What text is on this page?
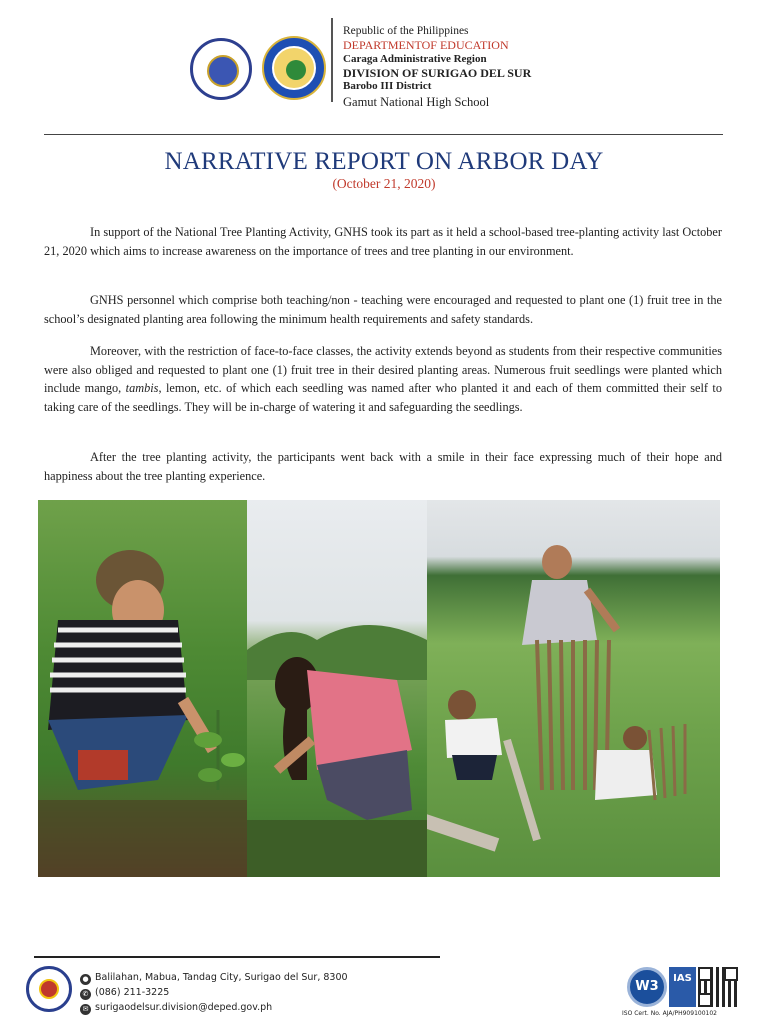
Republic of the Philippines
DEPARTMENTOF EDUCATION
Caraga Administrative Region
DIVISION OF SURIGAO DEL SUR
Barobo III District
Gamut National High School
NARRATIVE REPORT ON ARBOR DAY
(October 21, 2020)

In support of the National Tree Planting Activity, GNHS took its part as it held a school-based tree-planting activity last October 21, 2020 which aims to increase awareness on the importance of trees and tree planting in our environment.

GNHS personnel which comprise both teaching/non - teaching were encouraged and requested to plant one (1) fruit tree in the school’s designated planting area following the minimum health requirements and safety standards.

Moreover, with the restriction of face-to-face classes, the activity extends beyond as students from their respective communities were also obliged and requested to plant one (1) fruit tree in their desired planting areas. Numerous fruit seedlings were planted which include mango, tambis, lemon, etc. of which each seedling was named after who planted it and each of them committed their self to taking care of the seedlings. They will be in-charge of watering it and safeguarding the seedlings.

After the tree planting activity, the participants went back with a smile in their face expressing much of their hope and happiness about the tree planting experience.

● Balilahan, Mabua, Tandag City, Surigao del Sur, 8300
✆ (086) 211-3225
✉ surigaodelsur.division@deped.gov.ph
W3
IAS
ISO Cert. No. AJA/PH909100102
